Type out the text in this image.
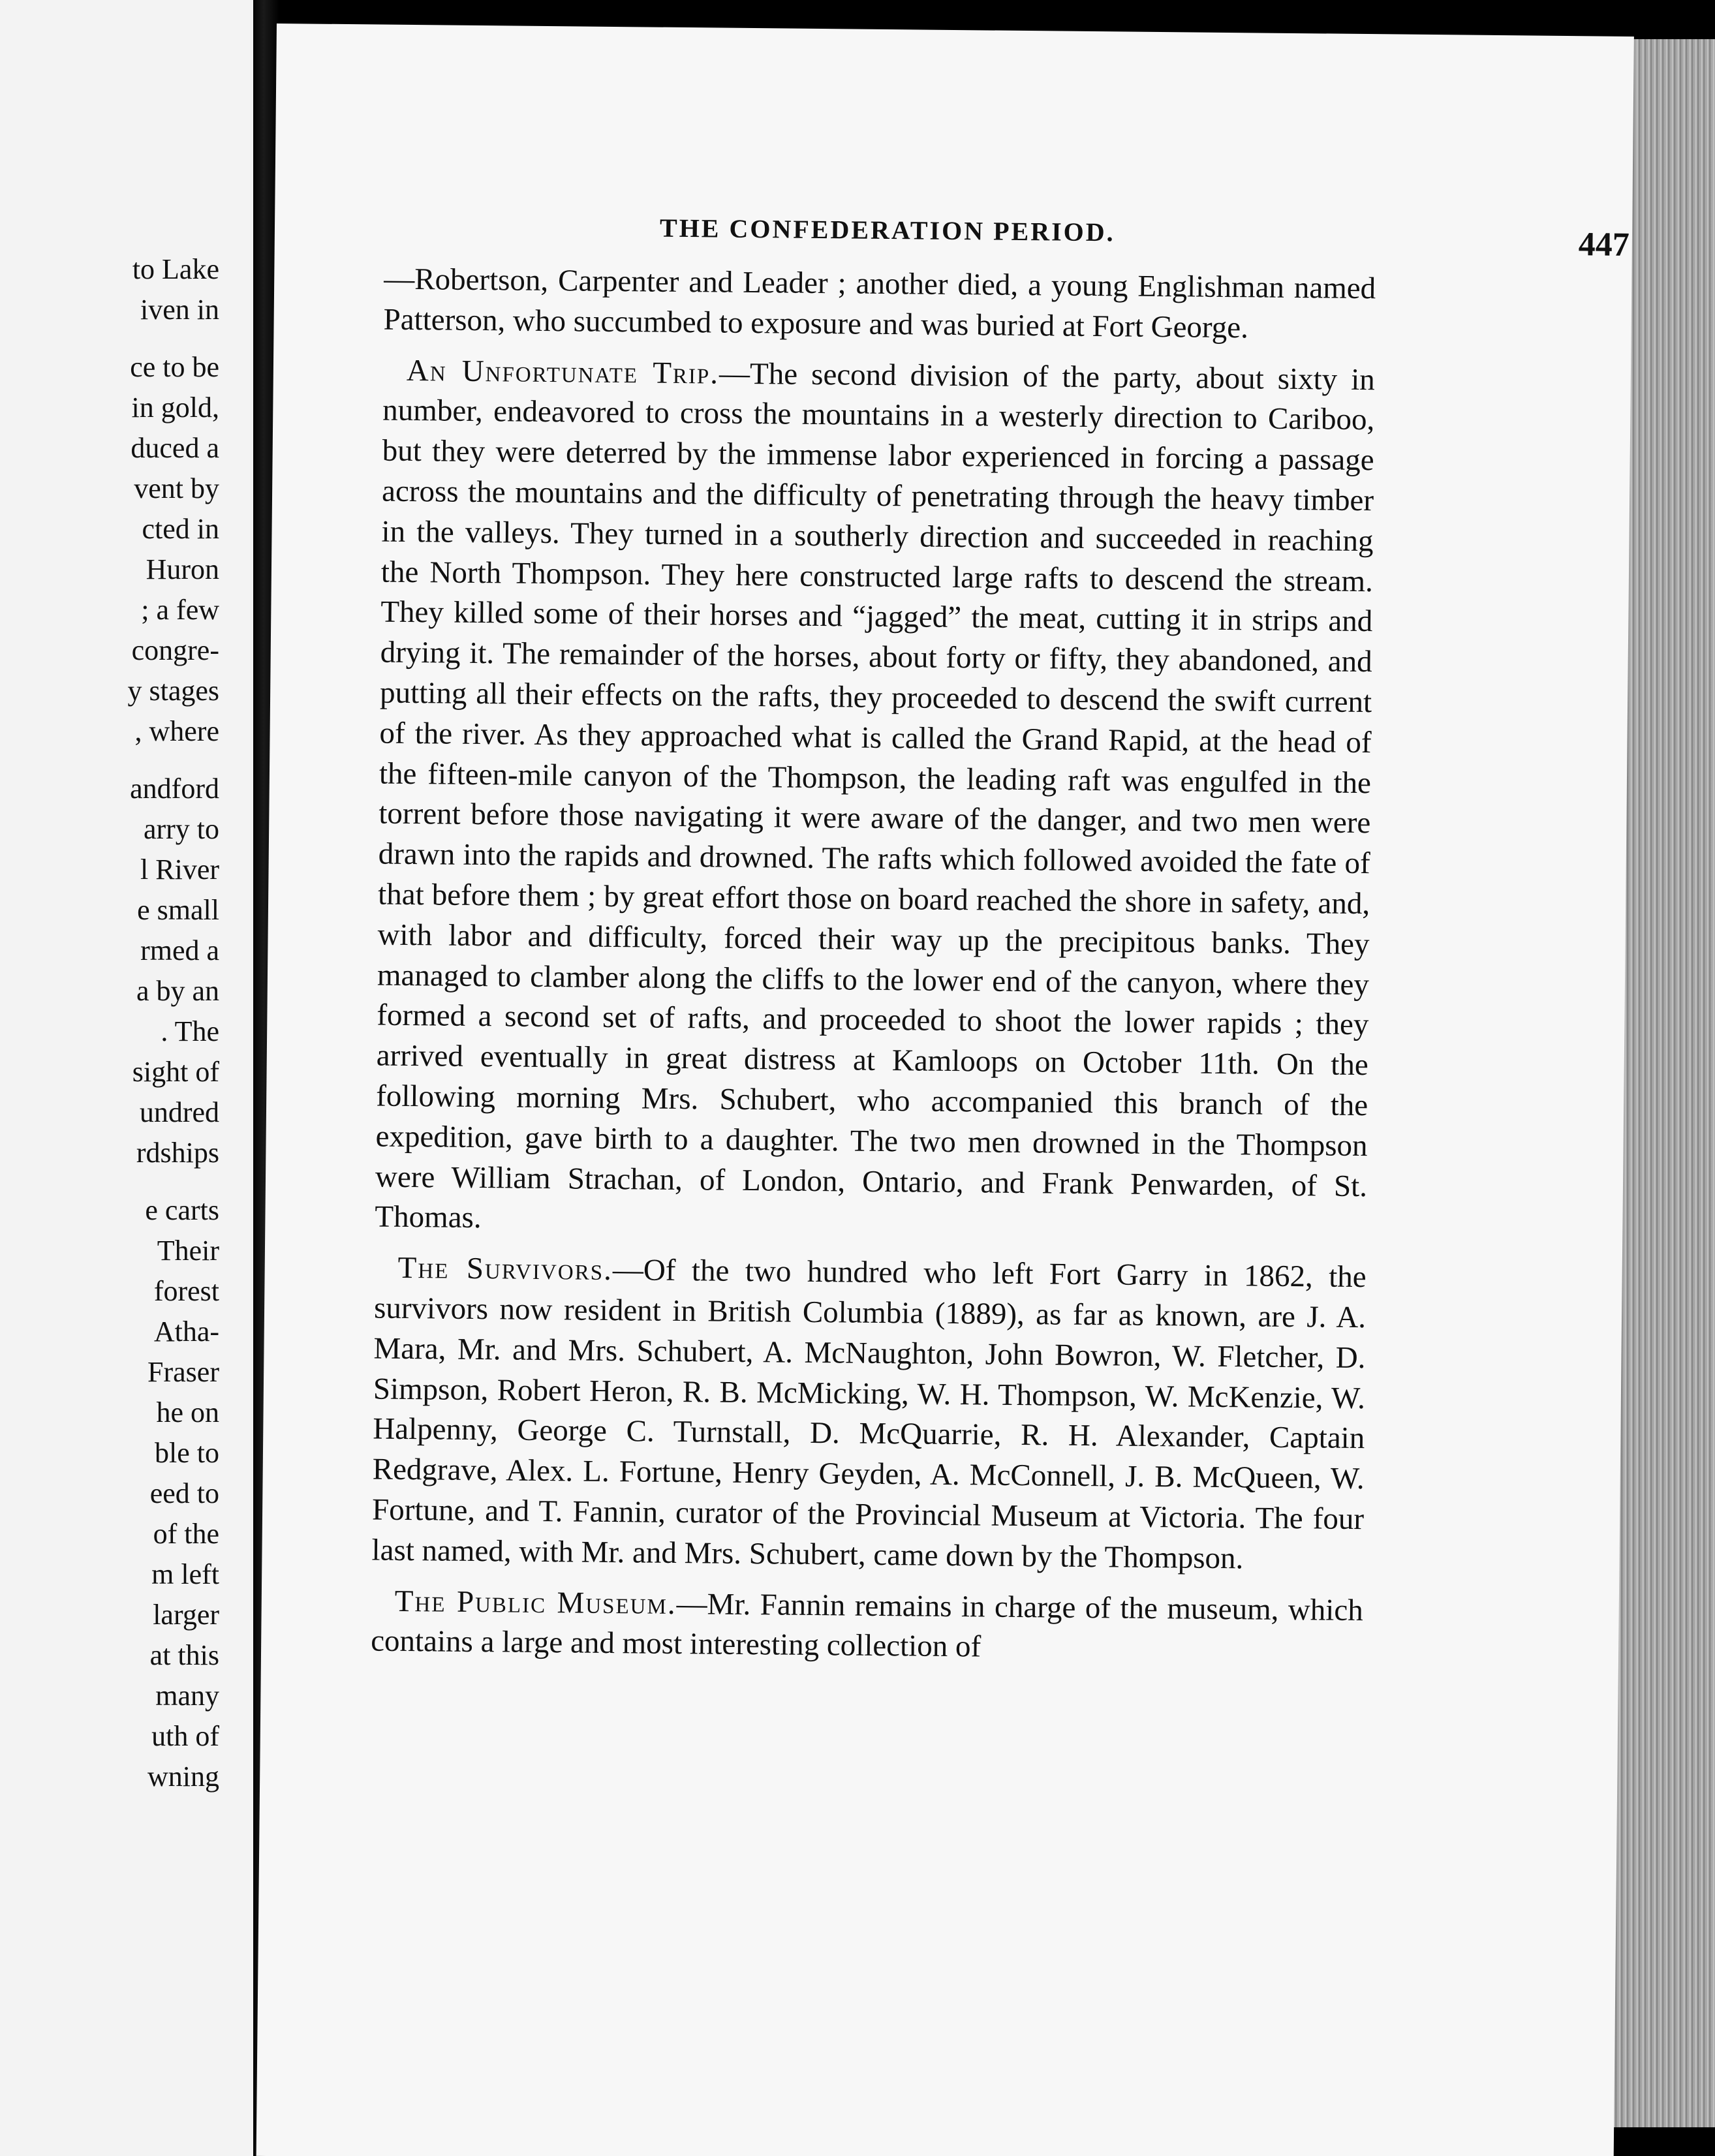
to Lake
iven in
ce to be
in gold,
duced a
vent by
cted in
Huron
; a few
congre-
y stages
, where
andford
arry to
l River
e small
rmed a
a by an
. The
sight of
undred
rdships
e carts
Their
forest
Atha-
Fraser
he on
ble to
eed to
of the
m left
larger
at this
many
uth of
wning
THE CONFEDERATION PERIOD.	447

—Robertson, Carpenter and Leader ; another died, a young Englishman named Patterson, who succumbed to exposure and was buried at Fort George.

An Unfortunate Trip.—The second division of the party, about sixty in number, endeavored to cross the mountains in a westerly direction to Cariboo, but they were deterred by the immense labor experienced in forcing a passage across the mountains and the difficulty of penetrating through the heavy timber in the valleys. They turned in a southerly direction and succeeded in reaching the North Thompson. They here constructed large rafts to descend the stream. They killed some of their horses and “jagged” the meat, cutting it in strips and drying it. The remainder of the horses, about forty or fifty, they abandoned, and putting all their effects on the rafts, they proceeded to descend the swift current of the river. As they approached what is called the Grand Rapid, at the head of the fifteen-mile canyon of the Thompson, the leading raft was engulfed in the torrent before those navigating it were aware of the danger, and two men were drawn into the rapids and drowned. The rafts which followed avoided the fate of that before them ; by great effort those on board reached the shore in safety, and, with labor and difficulty, forced their way up the precipitous banks. They managed to clamber along the cliffs to the lower end of the canyon, where they formed a second set of rafts, and proceeded to shoot the lower rapids ; they arrived eventually in great distress at Kamloops on October 11th. On the following morning Mrs. Schubert, who accompanied this branch of the expedition, gave birth to a daughter. The two men drowned in the Thompson were William Strachan, of London, Ontario, and Frank Penwarden, of St. Thomas.

The Survivors.—Of the two hundred who left Fort Garry in 1862, the survivors now resident in British Columbia (1889), as far as known, are J. A. Mara, Mr. and Mrs. Schubert, A. McNaughton, John Bowron, W. Fletcher, D. Simpson, Robert Heron, R. B. McMicking, W. H. Thompson, W. McKenzie, W. Halpenny, George C. Turnstall, D. McQuarrie, R. H. Alexander, Captain Redgrave, Alex. L. Fortune, Henry Geyden, A. McConnell, J. B. McQueen, W. Fortune, and T. Fannin, curator of the Provincial Museum at Victoria. The four last named, with Mr. and Mrs. Schubert, came down by the Thompson.

The Public Museum.—Mr. Fannin remains in charge of the museum, which contains a large and most interesting collection of
